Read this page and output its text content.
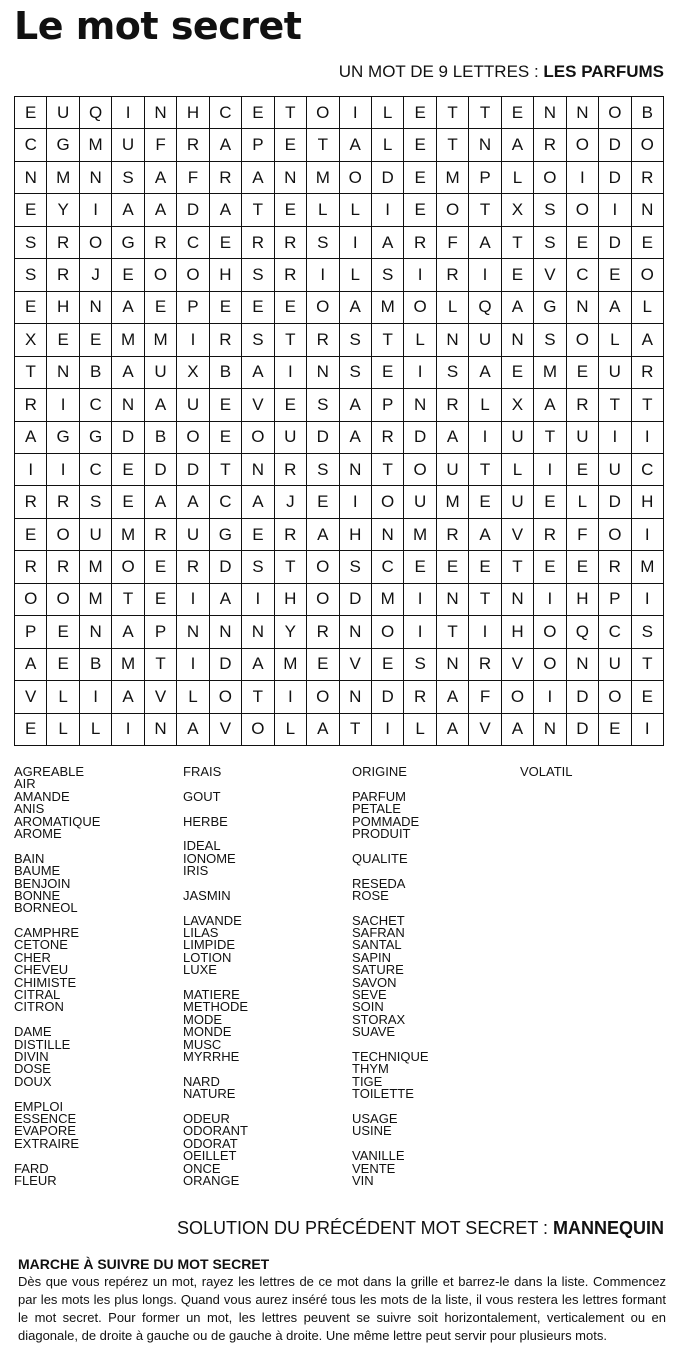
Le mot secret
UN MOT DE 9 LETTRES : LES PARFUMS
E	U	Q	I	N	H	C	E	T	O	I	L	E	T	T	E	N	N	O	B
C	G	M	U	F	R	A	P	E	T	A	L	E	T	N	A	R	O	D	O
N	M	N	S	A	F	R	A	N	M	O	D	E	M	P	L	O	I	D	R
E	Y	I	A	A	D	A	T	E	L	L	I	E	O	T	X	S	O	I	N
S	R	O	G	R	C	E	R	R	S	I	A	R	F	A	T	S	E	D	E
S	R	J	E	O	O	H	S	R	I	L	S	I	R	I	E	V	C	E	O
E	H	N	A	E	P	E	E	E	O	A	M	O	L	Q	A	G	N	A	L
X	E	E	M	M	I	R	S	T	R	S	T	L	N	U	N	S	O	L	A
T	N	B	A	U	X	B	A	I	N	S	E	I	S	A	E	M	E	U	R
R	I	C	N	A	U	E	V	E	S	A	P	N	R	L	X	A	R	T	T
A	G	G	D	B	O	E	O	U	D	A	R	D	A	I	U	T	U	I	I
I	I	C	E	D	D	T	N	R	S	N	T	O	U	T	L	I	E	U	C
R	R	S	E	A	A	C	A	J	E	I	O	U	M	E	U	E	L	D	H
E	O	U	M	R	U	G	E	R	A	H	N	M	R	A	V	R	F	O	I
R	R	M	O	E	R	D	S	T	O	S	C	E	E	E	T	E	E	R	M
O	O	M	T	E	I	A	I	H	O	D	M	I	N	T	N	I	H	P	I
P	E	N	A	P	N	N	N	Y	R	N	O	I	T	I	H	O	Q	C	S
A	E	B	M	T	I	D	A	M	E	V	E	S	N	R	V	O	N	U	T
V	L	I	A	V	L	O	T	I	O	N	D	R	A	F	O	I	D	O	E
E	L	L	I	N	A	V	O	L	A	T	I	L	A	V	A	N	D	E	I
AGREABLE
AIR
AMANDE
ANIS
AROMATIQUE
AROME
BAIN
BAUME
BENJOIN
BONNE
BORNEOL
CAMPHRE
CETONE
CHER
CHEVEU
CHIMISTE
CITRAL
CITRON
DAME
DISTILLE
DIVIN
DOSE
DOUX
EMPLOI
ESSENCE
EVAPORE
EXTRAIRE
FARD
FLEUR
FRAIS
GOUT
HERBE
IDEAL
IONOME
IRIS
JASMIN
LAVANDE
LILAS
LIMPIDE
LOTION
LUXE
MATIERE
METHODE
MODE
MONDE
MUSC
MYRRHE
NARD
NATURE
ODEUR
ODORANT
ODORAT
OEILLET
ONCE
ORANGE
ORIGINE
PARFUM
PETALE
POMMADE
PRODUIT
QUALITE
RESEDA
ROSE
SACHET
SAFRAN
SANTAL
SAPIN
SATURE
SAVON
SEVE
SOIN
STORAX
SUAVE
TECHNIQUE
THYM
TIGE
TOILETTE
USAGE
USINE
VANILLE
VENTE
VIN
VOLATIL
SOLUTION DU PRÉCÉDENT MOT SECRET : MANNEQUIN
MARCHE À SUIVRE DU MOT SECRET
Dès que vous repérez un mot, rayez les lettres de ce mot dans la grille et barrez-le dans la liste. Commencez par les mots les plus longs. Quand vous aurez inséré tous les mots de la liste, il vous restera les lettres formant le mot secret. Pour former un mot, les lettres peuvent se suivre soit horizontalement, verticalement ou en diagonale, de droite à gauche ou de gauche à droite. Une même lettre peut servir pour plusieurs mots.
